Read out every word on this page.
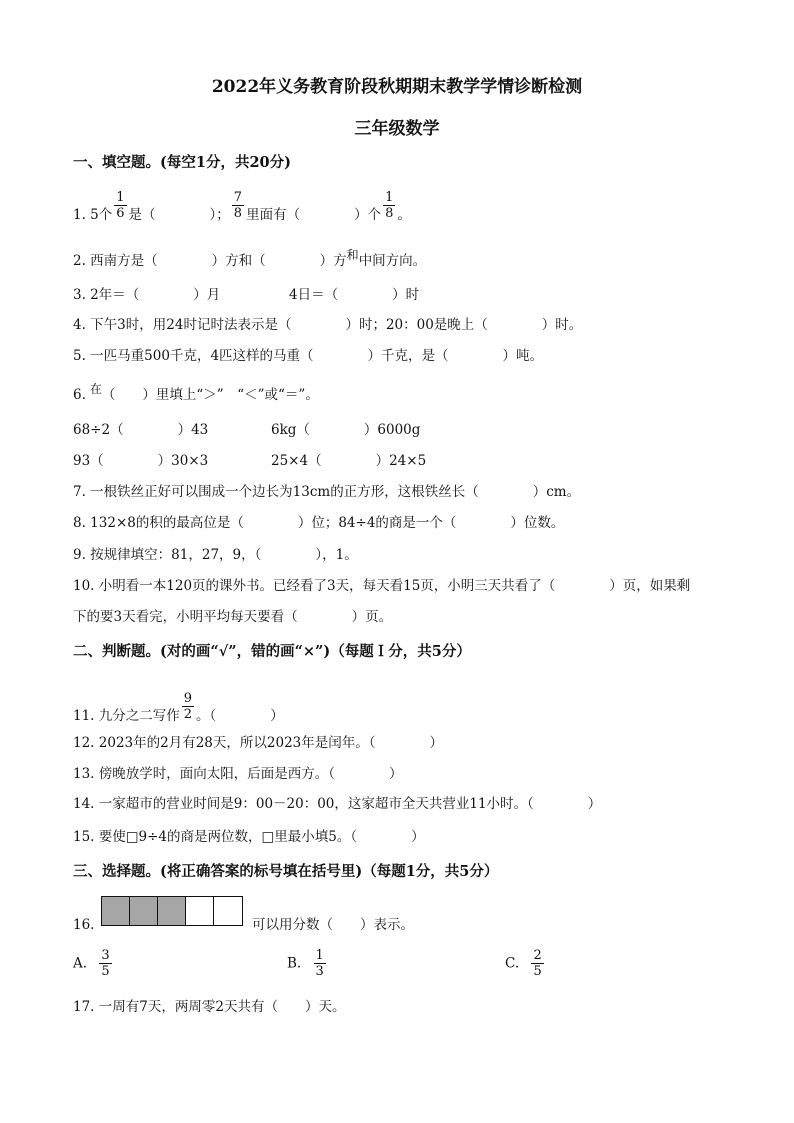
2022年义务教育阶段秋期期末教学学情诊断检测
三年级数学
一、填空题。(每空1分，共20分)
1. 5个 $\frac{1}{6}$ 是（　　　　）； $\frac{7}{8}$ 里面有（　　　　）个 $\frac{1}{8}$ 。
2. 西南方是（　　　　）方和（　　　　）方和中间方向。
3. 2年＝（　　　　）月	4日＝（　　　　）时
4. 下午3时，用24时记时法表示是（　　　　）时；20：00是晚上（　　　　）时。
5. 一匹马重500千克，4匹这样的马重（　　　　）千克，是（　　　　）吨。
6. 在（　　）里填上“＞”　“＜”或“＝”。
68÷2（　　　　）43	6kg（　　　　）6000g
93（　　　　）30×3	25×4（　　　　）24×5
7. 一根铁丝正好可以围成一个边长为13cm的正方形，这根铁丝长（　　　　）cm。
8. 132×8的积的最高位是（　　　　）位；84÷4的商是一个（　　　　）位数。
9. 按规律填空：81，27，9，（　　　　），1。
10. 小明看一本120页的课外书。已经看了3天，每天看15页，小明三天共看了（　　　　）页，如果剩
下的要3天看完，小明平均每天要看（　　　　）页。
二、判断题。(对的画“√”，错的画“×”)（每题Ｉ分，共5分）
11. 九分之二写作 $\frac{9}{2}$ 。（　　　　）
12. 2023年的2月有28天，所以2023年是闰年。（　　　　）
13. 傍晚放学时，面向太阳，后面是西方。（　　　　）
14. 一家超市的营业时间是9：00－20：00，这家超市全天共营业11小时。（　　　　）
15. 要使□9÷4的商是两位数，□里最小填5。（　　　　）
三、选择题。(将正确答案的标号填在括号里)（每题1分，共5分）
16.	可以用分数（　　）表示。
A. $\frac{3}{5}$	B. $\frac{1}{3}$	C. $\frac{2}{5}$
17. 一周有7天，两周零2天共有（　　）天。
